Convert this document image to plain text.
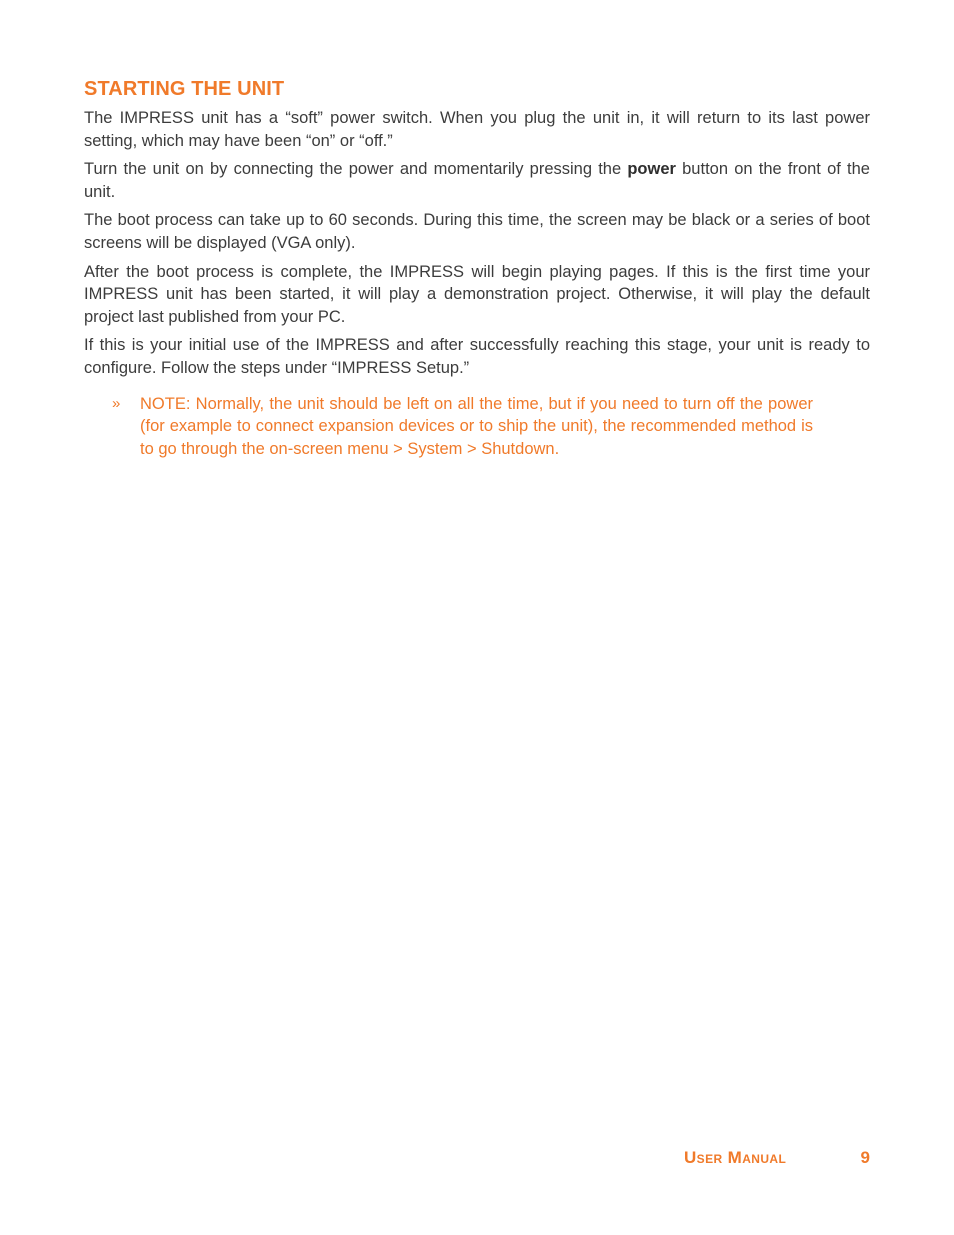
STARTING THE UNIT

The IMPRESS unit has a “soft” power switch. When you plug the unit in, it will return to its last power setting, which may have been “on” or “off.”

Turn the unit on by connecting the power and momentarily pressing the power button on the front of the unit.

The boot process can take up to 60 seconds. During this time, the screen may be black or a series of boot screens will be displayed (VGA only).

After the boot process is complete, the IMPRESS will begin playing pages. If this is the first time your IMPRESS unit has been started, it will play a demonstration project. Otherwise, it will play the default project last published from your PC.

If this is your initial use of the IMPRESS and after successfully reaching this stage, your unit is ready to configure. Follow the steps under “IMPRESS Setup.”

» NOTE: Normally, the unit should be left on all the time, but if you need to turn off the power (for example to connect expansion devices or to ship the unit), the recommended method is to go through the on-screen menu > System > Shutdown.
User Manual	9
